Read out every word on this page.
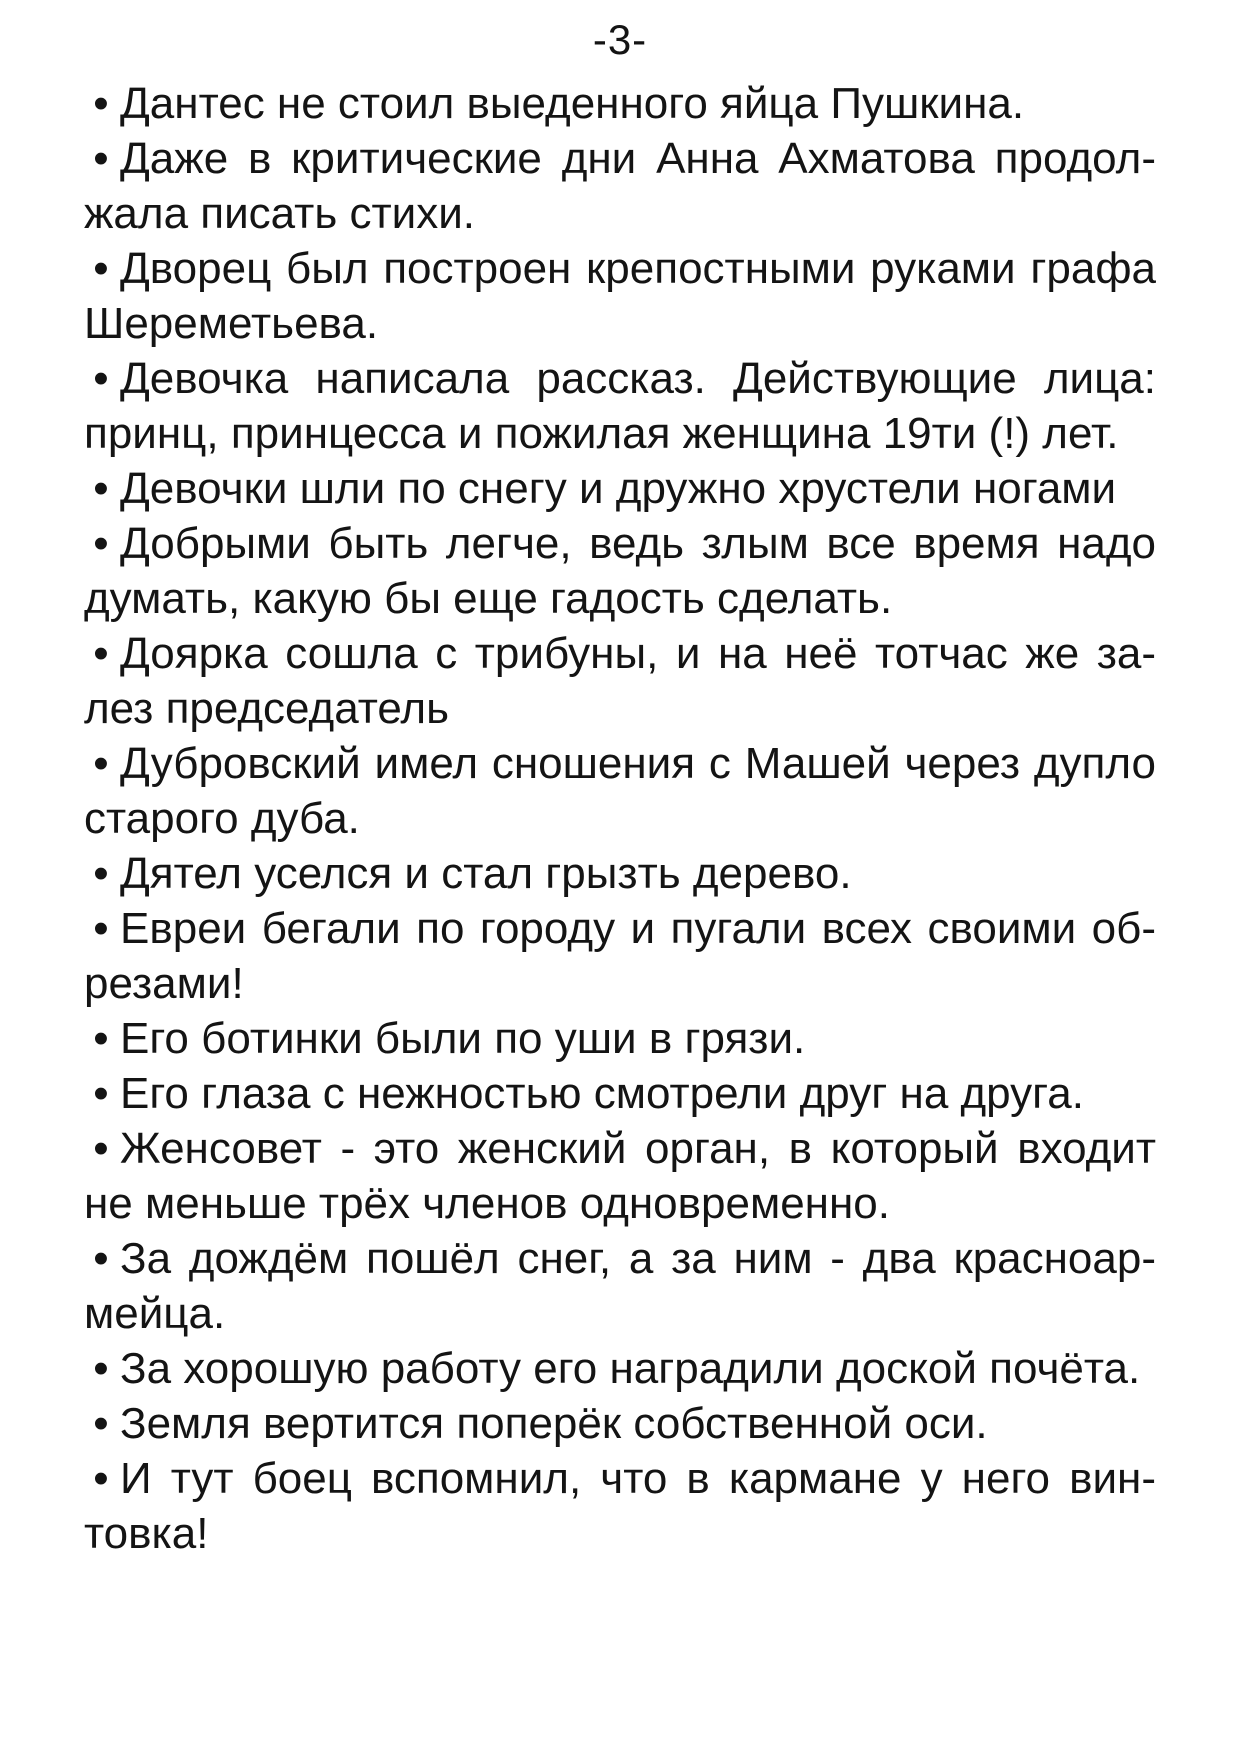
-3-
• Дантес не стоил выеденного яйца Пушкина.
• Даже в критические дни Анна Ахматова продолжала писать стихи.
• Дворец был построен крепостными руками графа Шереметьева.
• Девочка написала рассказ. Действующие лица: принц, принцесса и пожилая женщина 19ти (!) лет.
• Девочки шли по снегу и дружно хрустели ногами
• Добрыми быть легче, ведь злым все время надо думать, какую бы еще гадость сделать.
• Доярка сошла с трибуны, и на неё тотчас же залез председатель
• Дубровский имел сношения с Машей через дупло старого дуба.
• Дятел уселся и стал грызть дерево.
• Евреи бегали по городу и пугали всех своими обрезами!
• Его ботинки были по уши в грязи.
• Его глаза с нежностью смотрели друг на друга.
• Женсовет - это женский орган, в который входит не меньше трёх членов одновременно.
• За дождём пошёл снег, а за ним - два красноармейца.
• За хорошую работу его наградили доской почёта.
• Земля вертится поперёк собственной оси.
• И тут боец вспомнил, что в кармане у него винтовка!
